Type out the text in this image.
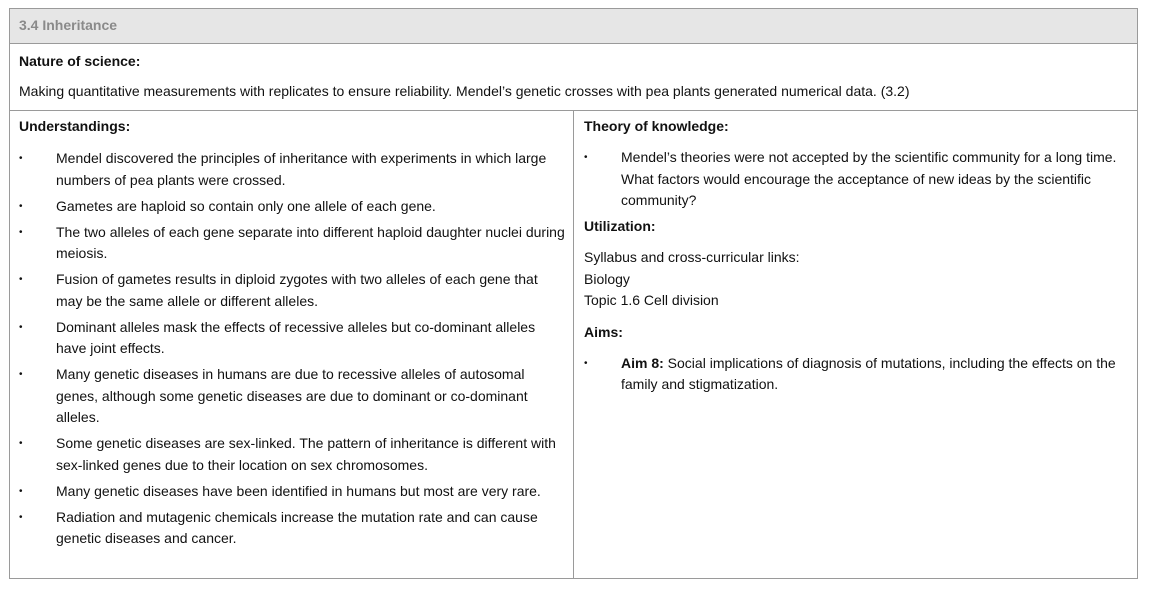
3.4 Inheritance
Nature of science:
Making quantitative measurements with replicates to ensure reliability. Mendel’s genetic crosses with pea plants generated numerical data. (3.2)
Understandings:
• Mendel discovered the principles of inheritance with experiments in which large numbers of pea plants were crossed.
• Gametes are haploid so contain only one allele of each gene.
• The two alleles of each gene separate into different haploid daughter nuclei during meiosis.
• Fusion of gametes results in diploid zygotes with two alleles of each gene that may be the same allele or different alleles.
• Dominant alleles mask the effects of recessive alleles but co-dominant alleles have joint effects.
• Many genetic diseases in humans are due to recessive alleles of autosomal genes, although some genetic diseases are due to dominant or co-dominant alleles.
• Some genetic diseases are sex-linked. The pattern of inheritance is different with sex-linked genes due to their location on sex chromosomes.
• Many genetic diseases have been identified in humans but most are very rare.
• Radiation and mutagenic chemicals increase the mutation rate and can cause genetic diseases and cancer.
Theory of knowledge:
• Mendel’s theories were not accepted by the scientific community for a long time. What factors would encourage the acceptance of new ideas by the scientific community?
Utilization:
Syllabus and cross-curricular links:
Biology
Topic 1.6 Cell division
Aims:
• Aim 8: Social implications of diagnosis of mutations, including the effects on the family and stigmatization.
